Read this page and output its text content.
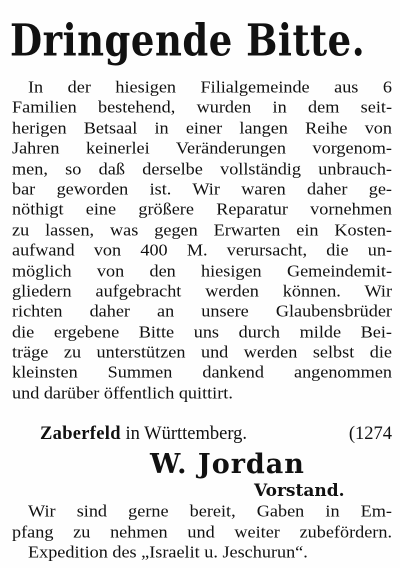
Dringende Bitte.
In der hiesigen Filialgemeinde aus 6
Familien bestehend, wurden in dem seit-
herigen Betsaal in einer langen Reihe von
Jahren keinerlei Veränderungen vorgenom-
men, so daß derselbe vollständig unbrauch-
bar geworden ist. Wir waren daher ge-
nöthigt eine größere Reparatur vornehmen
zu lassen, was gegen Erwarten ein Kosten-
aufwand von 400 M. verursacht, die un-
möglich von den hiesigen Gemeindemit-
gliedern aufgebracht werden können. Wir
richten daher an unsere Glaubensbrüder
die ergebene Bitte uns durch milde Bei-
träge zu unterstützen und werden selbst die
kleinsten Summen dankend angenommen
und darüber öffentlich quittirt.
Zaberfeld in Württemberg.	(1274
W. Jordan
Vorstand.
Wir sind gerne bereit, Gaben in Em-
pfang zu nehmen und weiter zubefördern.
Expedition des „Israelit u. Jeschurun“.
